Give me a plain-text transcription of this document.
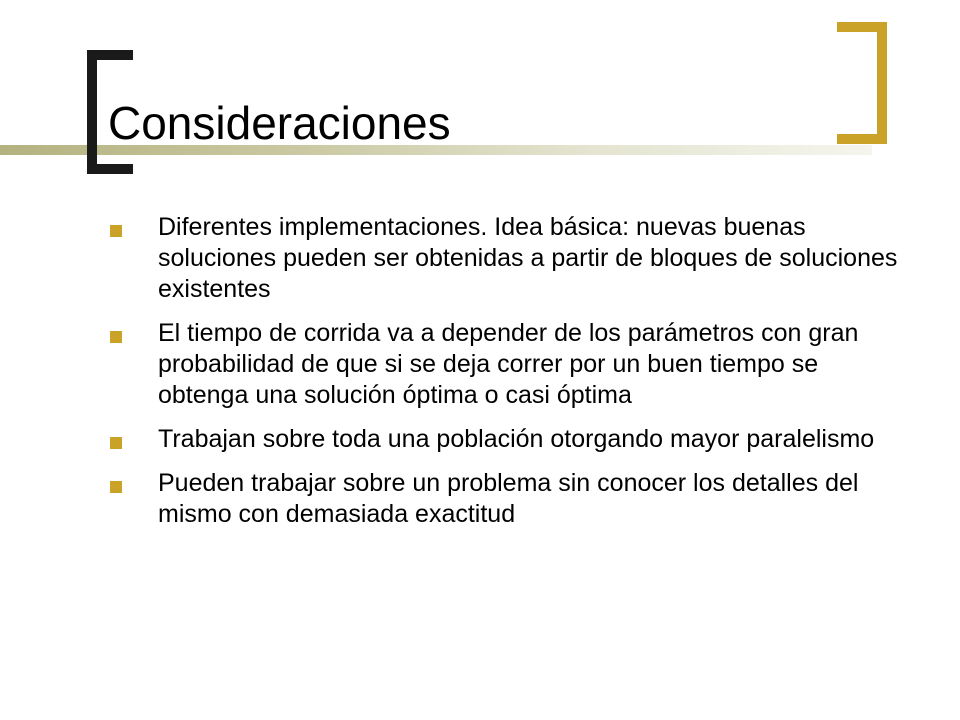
Consideraciones
Diferentes implementaciones. Idea básica: nuevas buenas soluciones pueden ser obtenidas a partir de bloques de soluciones existentes
El tiempo de corrida va a depender de los parámetros con gran probabilidad de que si se deja correr por un buen tiempo se obtenga una solución óptima o casi óptima
Trabajan sobre toda una población otorgando mayor paralelismo
Pueden trabajar sobre un problema sin conocer los detalles del mismo con demasiada exactitud
